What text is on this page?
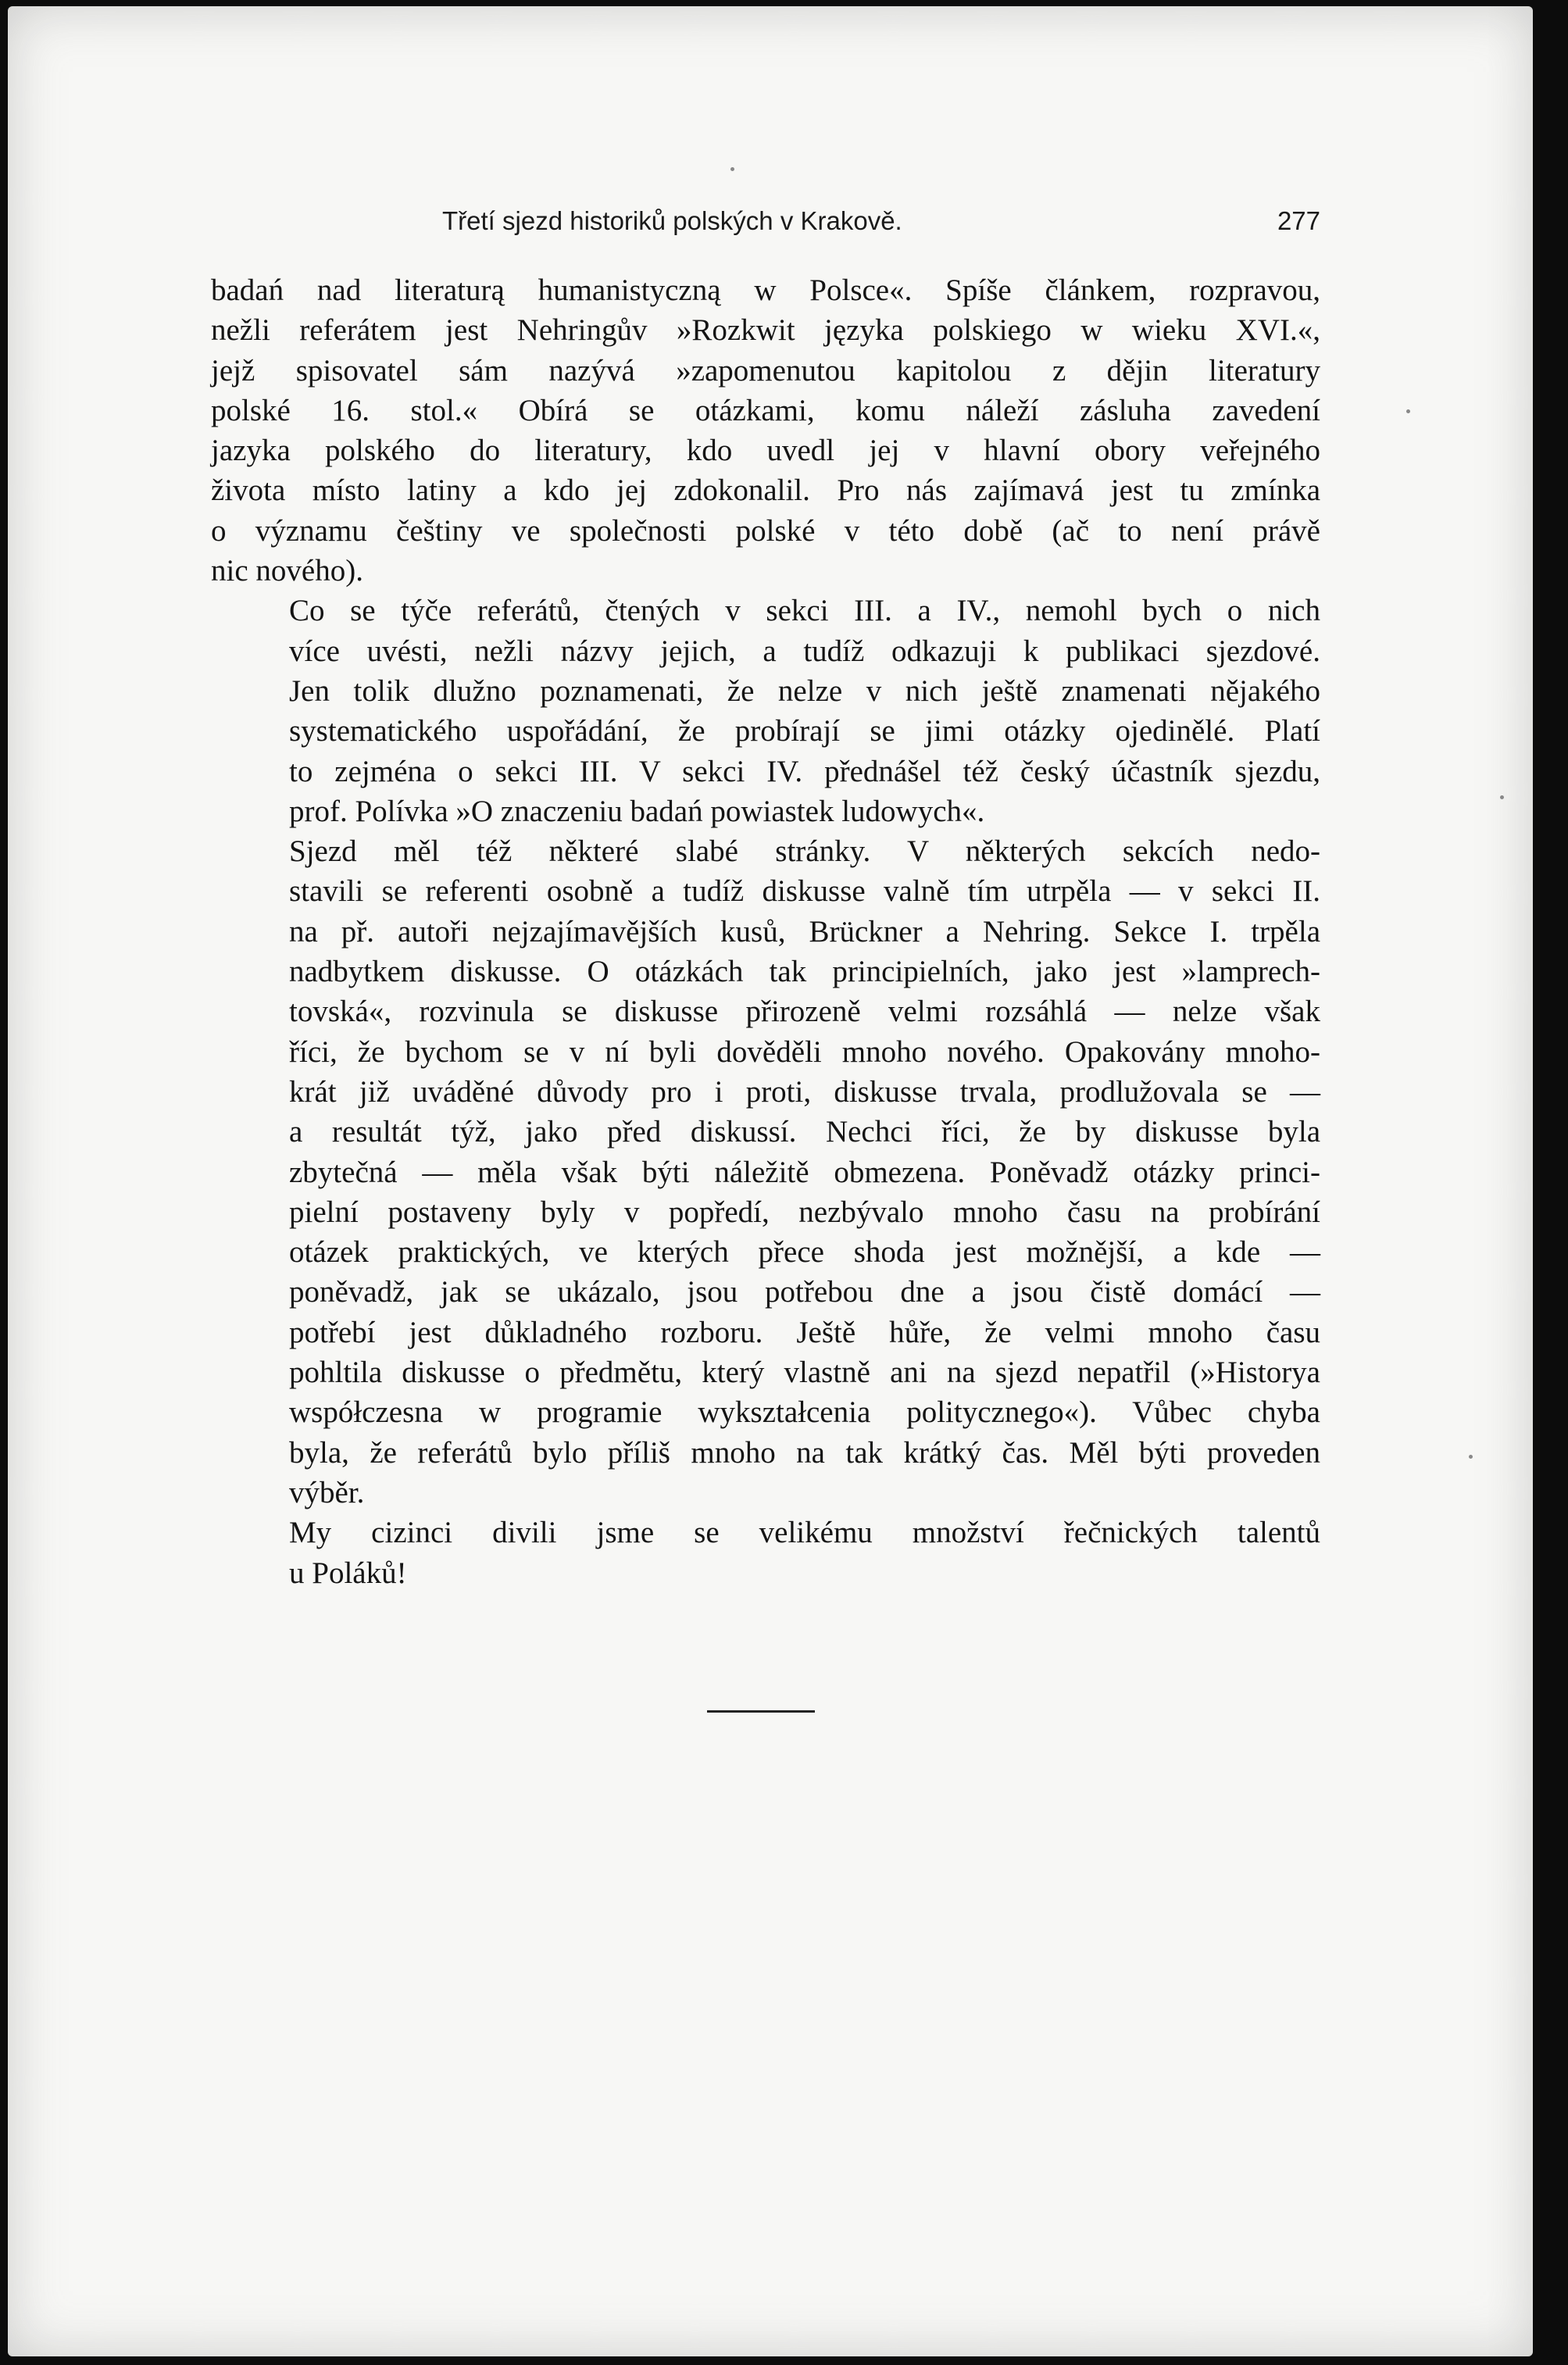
Třetí sjezd historiků polských v Krakově.	277

badań nad literaturą humanistyczną w Polsce«. Spíše článkem, rozpravou,
nežli referátem jest Nehringův »Rozkwit języka polskiego w wieku XVI.«,
jejž spisovatel sám nazývá »zapomenutou kapitolou z dějin literatury
polské 16. stol.« Obírá se otázkami, komu náleží zásluha zavedení
jazyka polského do literatury, kdo uvedl jej v hlavní obory veřejného
života místo latiny a kdo jej zdokonalil. Pro nás zajímavá jest tu zmínka
o významu češtiny ve společnosti polské v této době (ač to není právě
nic nového).

Co se týče referátů, čtených v sekci III. a IV., nemohl bych o nich
více uvésti, nežli názvy jejich, a tudíž odkazuji k publikaci sjezdové.
Jen tolik dlužno poznamenati, že nelze v nich ještě znamenati nějakého
systematického uspořádání, že probírají se jimi otázky ojedinělé. Platí
to zejména o sekci III. V sekci IV. přednášel též český účastník sjezdu,
prof. Polívka »O znaczeniu badań powiastek ludowych«.

Sjezd měl též některé slabé stránky. V některých sekcích nedo-
stavili se referenti osobně a tudíž diskusse valně tím utrpěla — v sekci II.
na př. autoři nejzajímavějších kusů, Brückner a Nehring. Sekce I. trpěla
nadbytkem diskusse. O otázkách tak principielních, jako jest »lamprech-
tovská«, rozvinula se diskusse přirozeně velmi rozsáhlá — nelze však
říci, že bychom se v ní byli dověděli mnoho nového. Opakovány mnoho-
krát již uváděné důvody pro i proti, diskusse trvala, prodlužovala se —
a resultát týž, jako před diskussí. Nechci říci, že by diskusse byla
zbytečná — měla však býti náležitě obmezena. Poněvadž otázky princi-
pielní postaveny byly v popředí, nezbývalo mnoho času na probírání
otázek praktických, ve kterých přece shoda jest možnější, a kde —
poněvadž, jak se ukázalo, jsou potřebou dne a jsou čistě domácí —
potřebí jest důkladného rozboru. Ještě hůře, že velmi mnoho času
pohltila diskusse o předmětu, který vlastně ani na sjezd nepatřil (»Historya
współczesna w programie wykształcenia politycznego«). Vůbec chyba
byla, že referátů bylo příliš mnoho na tak krátký čas. Měl býti proveden
výběr.

My cizinci divili jsme se velikému množství řečnických talentů
u Poláků!
